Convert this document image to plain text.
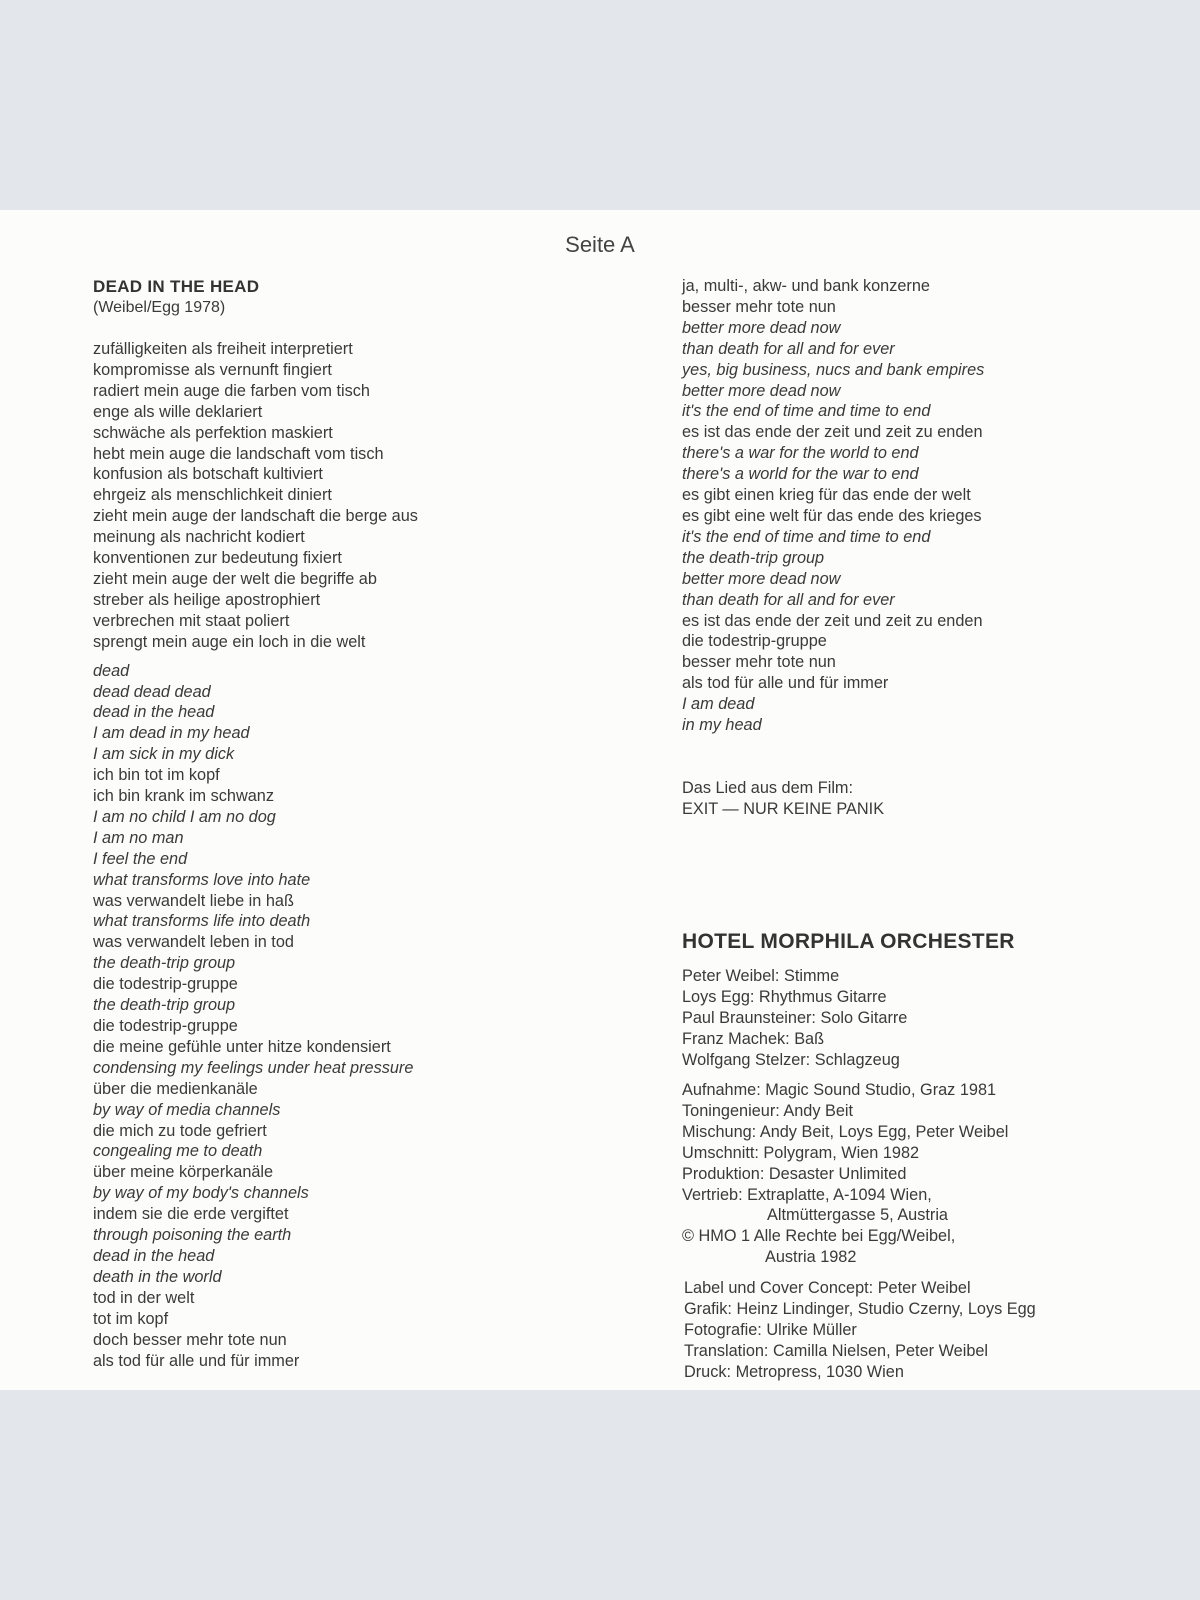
Seite A
DEAD IN THE HEAD
(Weibel/Egg 1978)
zufälligkeiten als freiheit interpretiert
kompromisse als vernunft fingiert
radiert mein auge die farben vom tisch
enge als wille deklariert
schwäche als perfektion maskiert
hebt mein auge die landschaft vom tisch
konfusion als botschaft kultiviert
ehrgeiz als menschlichkeit diniert
zieht mein auge der landschaft die berge aus
meinung als nachricht kodiert
konventionen zur bedeutung fixiert
zieht mein auge der welt die begriffe ab
streber als heilige apostrophiert
verbrechen mit staat poliert
sprengt mein auge ein loch in die welt
dead
dead dead dead
dead in the head
I am dead in my head
I am sick in my dick
ich bin tot im kopf
ich bin krank im schwanz
I am no child I am no dog
I am no man
I feel the end
what transforms love into hate
was verwandelt liebe in haß
what transforms life into death
was verwandelt leben in tod
the death-trip group
die todestrip-gruppe
the death-trip group
die todestrip-gruppe
die meine gefühle unter hitze kondensiert
condensing my feelings under heat pressure
über die medienkanäle
by way of media channels
die mich zu tode gefriert
congealing me to death
über meine körperkanäle
by way of my body's channels
indem sie die erde vergiftet
through poisoning the earth
dead in the head
death in the world
tod in der welt
tot im kopf
doch besser mehr tote nun
als tod für alle und für immer
ja, multi-, akw- und bank konzerne
besser mehr tote nun
better more dead now
than death for all and for ever
yes, big business, nucs and bank empires
better more dead now
it's the end of time and time to end
es ist das ende der zeit und zeit zu enden
there's a war for the world to end
there's a world for the war to end
es gibt einen krieg für das ende der welt
es gibt eine welt für das ende des krieges
it's the end of time and time to end
the death-trip group
better more dead now
than death for all and for ever
es ist das ende der zeit und zeit zu enden
die todestrip-gruppe
besser mehr tote nun
als tod für alle und für immer
I am dead
in my head
Das Lied aus dem Film:
EXIT — NUR KEINE PANIK
HOTEL MORPHILA ORCHESTER
Peter Weibel: Stimme
Loys Egg: Rhythmus Gitarre
Paul Braunsteiner: Solo Gitarre
Franz Machek: Baß
Wolfgang Stelzer: Schlagzeug
Aufnahme: Magic Sound Studio, Graz 1981
Toningenieur: Andy Beit
Mischung: Andy Beit, Loys Egg, Peter Weibel
Umschnitt: Polygram, Wien 1982
Produktion: Desaster Unlimited
Vertrieb: Extraplatte, A-1094 Wien,
Altmüttergasse 5, Austria
© HMO 1 Alle Rechte bei Egg/Weibel,
Austria 1982
Label und Cover Concept: Peter Weibel
Grafik: Heinz Lindinger, Studio Czerny, Loys Egg
Fotografie: Ulrike Müller
Translation: Camilla Nielsen, Peter Weibel
Druck: Metropress, 1030 Wien
